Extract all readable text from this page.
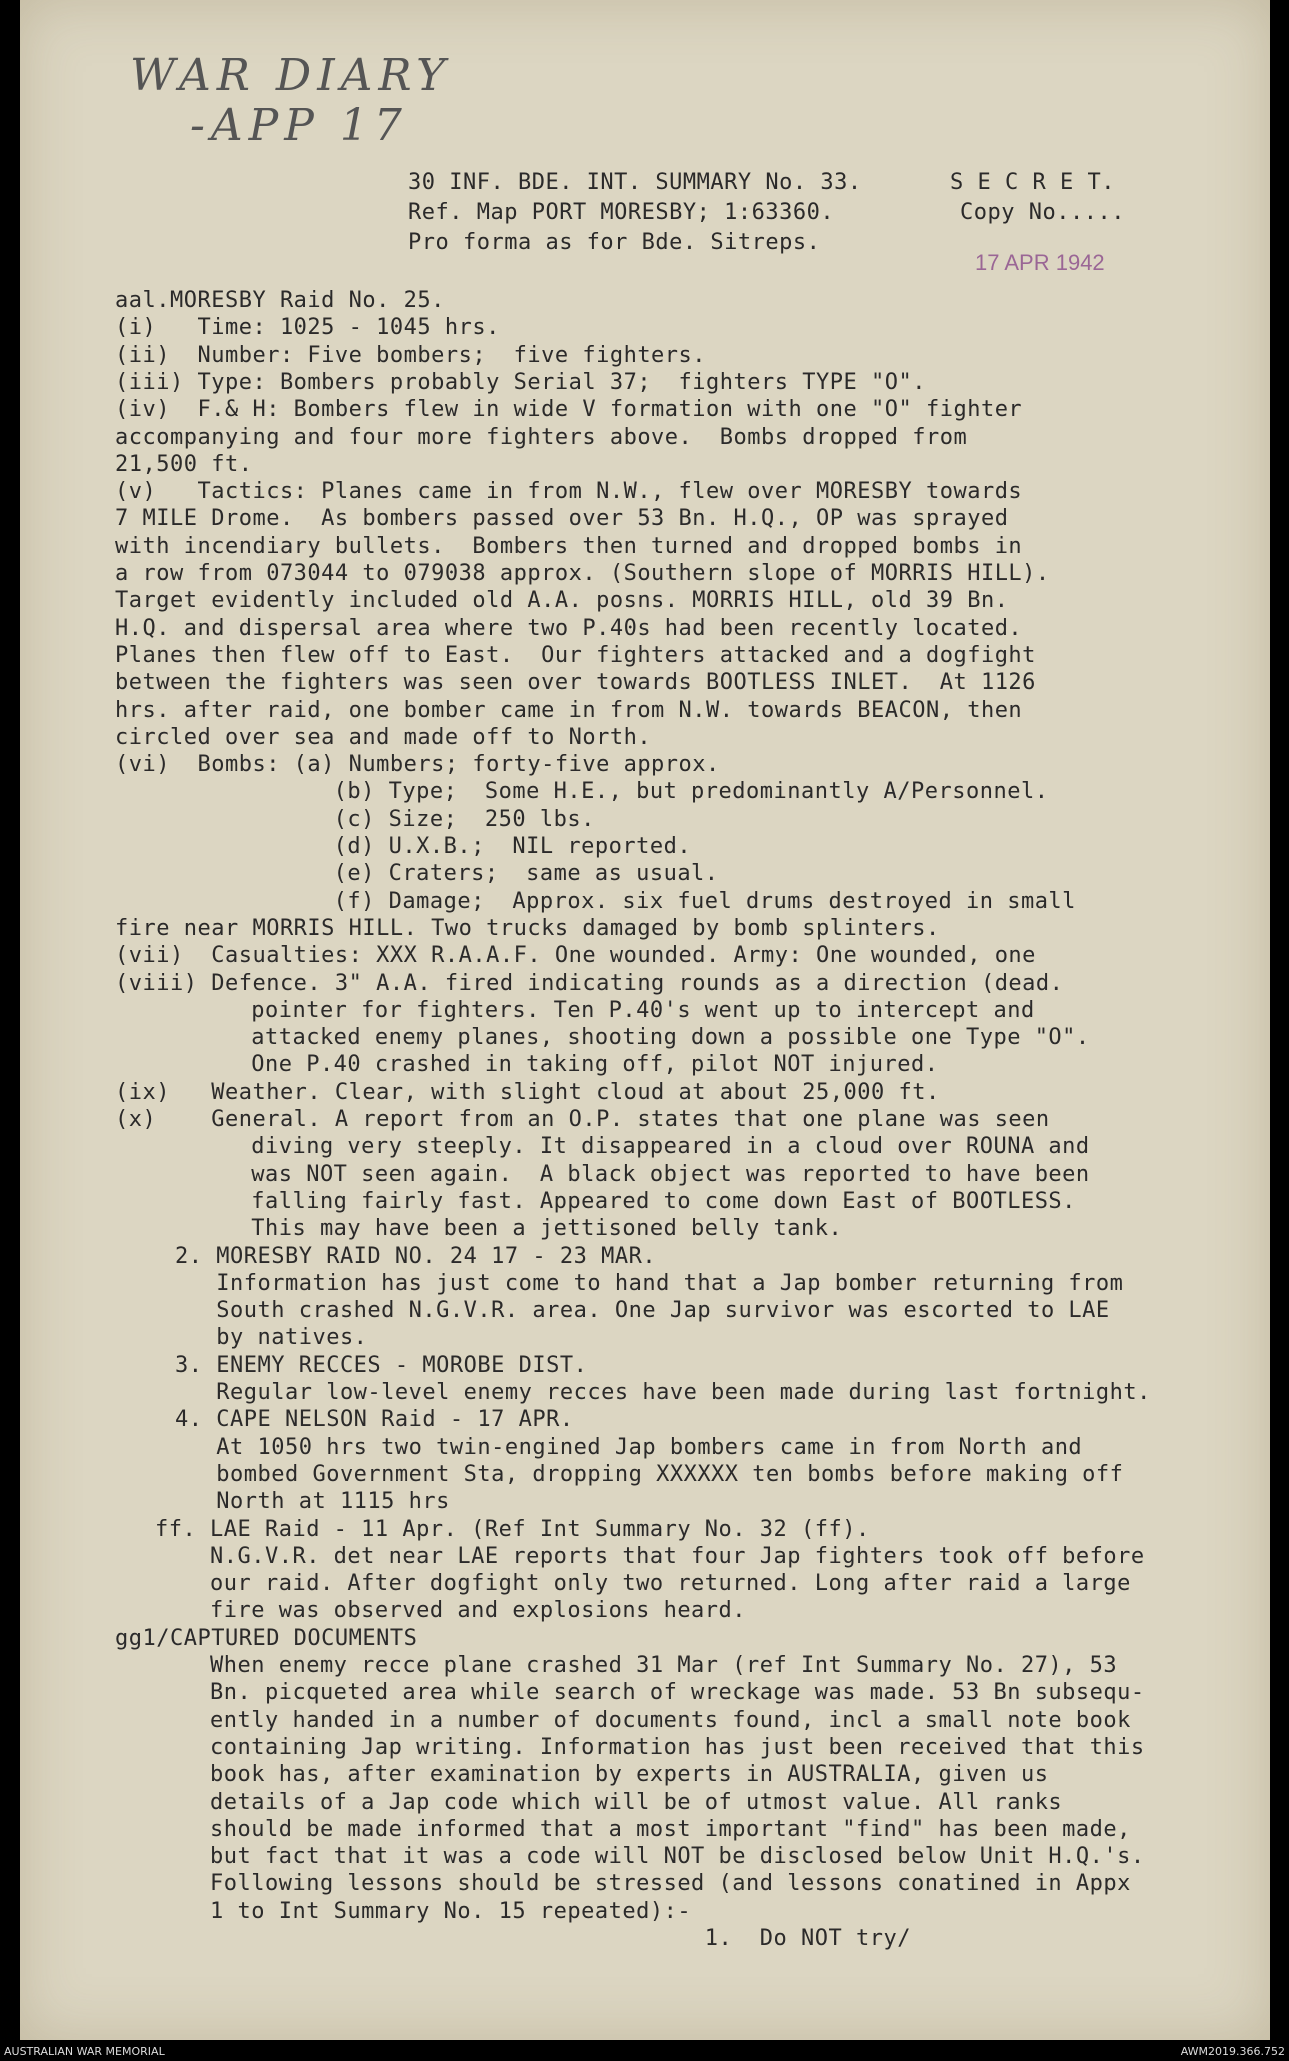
WAR DIARY
-APP 17
30 INF. BDE. INT. SUMMARY No. 33.	S E C R E T.
Ref. Map PORT MORESBY; 1:63360.	Copy No.....
Pro forma as for Bde. Sitreps.
17 APR 1942
aal.MORESBY Raid No. 25.
(i)   Time: 1025 - 1045 hrs.
(ii)  Number: Five bombers;  five fighters.
(iii) Type: Bombers probably Serial 37;  fighters TYPE "O".
(iv)  F.& H: Bombers flew in wide V formation with one "O" fighter
accompanying and four more fighters above.  Bombs dropped from
21,500 ft.
(v)   Tactics: Planes came in from N.W., flew over MORESBY towards
7 MILE Drome.  As bombers passed over 53 Bn. H.Q., OP was sprayed
with incendiary bullets.  Bombers then turned and dropped bombs in
a row from 073044 to 079038 approx. (Southern slope of MORRIS HILL).
Target evidently included old A.A. posns. MORRIS HILL, old 39 Bn.
H.Q. and dispersal area where two P.40s had been recently located.
Planes then flew off to East.  Our fighters attacked and a dogfight
between the fighters was seen over towards BOOTLESS INLET.  At 1126
hrs. after raid, one bomber came in from N.W. towards BEACON, then
circled over sea and made off to North.
(vi)  Bombs: (a) Numbers; forty-five approx.
(b) Type;  Some H.E., but predominantly A/Personnel.
(c) Size;  250 lbs.
(d) U.X.B.;  NIL reported.
(e) Craters;  same as usual.
(f) Damage;  Approx. six fuel drums destroyed in small
fire near MORRIS HILL. Two trucks damaged by bomb splinters.
(vii)  Casualties: XXX R.A.A.F. One wounded. Army: One wounded, one
(viii) Defence. 3" A.A. fired indicating rounds as a direction (dead.
pointer for fighters. Ten P.40's went up to intercept and
attacked enemy planes, shooting down a possible one Type "O".
One P.40 crashed in taking off, pilot NOT injured.
(ix)   Weather. Clear, with slight cloud at about 25,000 ft.
(x)    General. A report from an O.P. states that one plane was seen
diving very steeply. It disappeared in a cloud over ROUNA and
was NOT seen again.  A black object was reported to have been
falling fairly fast. Appeared to come down East of BOOTLESS.
This may have been a jettisoned belly tank.
2. MORESBY RAID NO. 24 17 - 23 MAR.
Information has just come to hand that a Jap bomber returning from
South crashed N.G.V.R. area. One Jap survivor was escorted to LAE
by natives.
3. ENEMY RECCES - MOROBE DIST.
Regular low-level enemy recces have been made during last fortnight.
4. CAPE NELSON Raid - 17 APR.
At 1050 hrs two twin-engined Jap bombers came in from North and
bombed Government Sta, dropping XXXXXX ten bombs before making off
North at 1115 hrs
ff. LAE Raid - 11 Apr. (Ref Int Summary No. 32 (ff).
N.G.V.R. det near LAE reports that four Jap fighters took off before
our raid. After dogfight only two returned. Long after raid a large
fire was observed and explosions heard.
gg1/CAPTURED DOCUMENTS
When enemy recce plane crashed 31 Mar (ref Int Summary No. 27), 53
Bn. picqueted area while search of wreckage was made. 53 Bn subsequ-
ently handed in a number of documents found, incl a small note book
containing Jap writing. Information has just been received that this
book has, after examination by experts in AUSTRALIA, given us
details of a Jap code which will be of utmost value. All ranks
should be made informed that a most important "find" has been made,
but fact that it was a code will NOT be disclosed below Unit H.Q.'s.
Following lessons should be stressed (and lessons conatined in Appx
1 to Int Summary No. 15 repeated):-
1.  Do NOT try/
AUSTRALIAN WAR MEMORIAL	AWM2019.366.752
